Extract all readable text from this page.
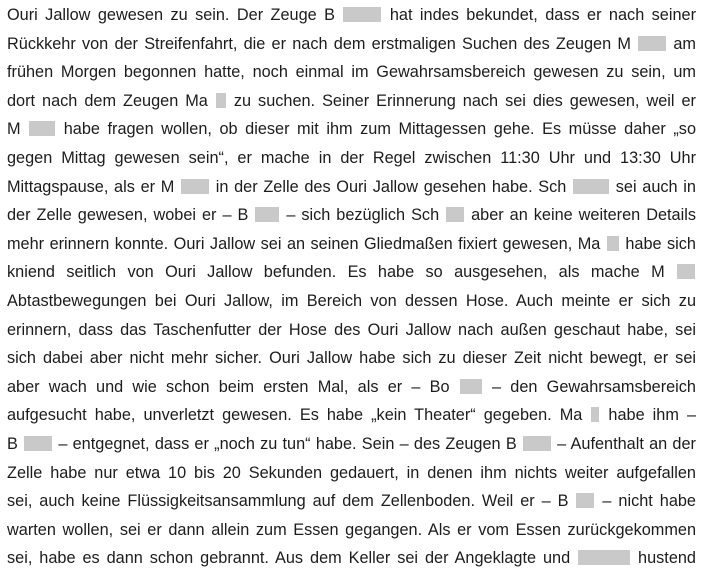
Ouri Jallow gewesen zu sein. Der Zeuge B	hat indes bekundet, dass er nach seiner
Rückkehr von der Streifenfahrt, die er nach dem erstmaligen Suchen des Zeugen M	am
frühen Morgen begonnen hatte, noch einmal im Gewahrsamsbereich gewesen zu sein, um
dort nach dem Zeugen Ma zu suchen. Seiner Erinnerung nach sei dies gewesen, weil er
M	habe fragen wollen, ob dieser mit ihm zum Mittagessen gehe. Es müsse daher „so
gegen Mittag gewesen sein“, er mache in der Regel zwischen 11:30 Uhr und 13:30 Uhr
Mittagspause, als er M	in der Zelle des Ouri Jallow gesehen habe. Sch	sei auch in
der Zelle gewesen, wobei er – B – sich bezüglich Sch aber an keine weiteren Details
mehr erinnern konnte. Ouri Jallow sei an seinen Gliedmaßen fixiert gewesen, Ma habe sich
kniend seitlich von Ouri Jallow befunden. Es habe so ausgesehen, als mache M
Abtastbewegungen bei Ouri Jallow, im Bereich von dessen Hose. Auch meinte er sich zu
erinnern, dass das Taschenfutter der Hose des Ouri Jallow nach außen geschaut habe, sei
sich dabei aber nicht mehr sicher. Ouri Jallow habe sich zu dieser Zeit nicht bewegt, er sei
aber wach und wie schon beim ersten Mal, als er – Bo	– den Gewahrsamsbereich
aufgesucht habe, unverletzt gewesen. Es habe „kein Theater“ gegeben. Ma habe ihm –
B – entgegnet, dass er „noch zu tun“ habe. Sein – des Zeugen B – Aufenthalt an der
Zelle habe nur etwa 10 bis 20 Sekunden gedauert, in denen ihm nichts weiter aufgefallen
sei, auch keine Flüssigkeitsansammlung auf dem Zellenboden. Weil er – B – nicht habe
warten wollen, sei er dann allein zum Essen gegangen. Als er vom Essen zurückgekommen
sei, habe es dann schon gebrannt. Aus dem Keller sei der Angeklagte und	hustend
